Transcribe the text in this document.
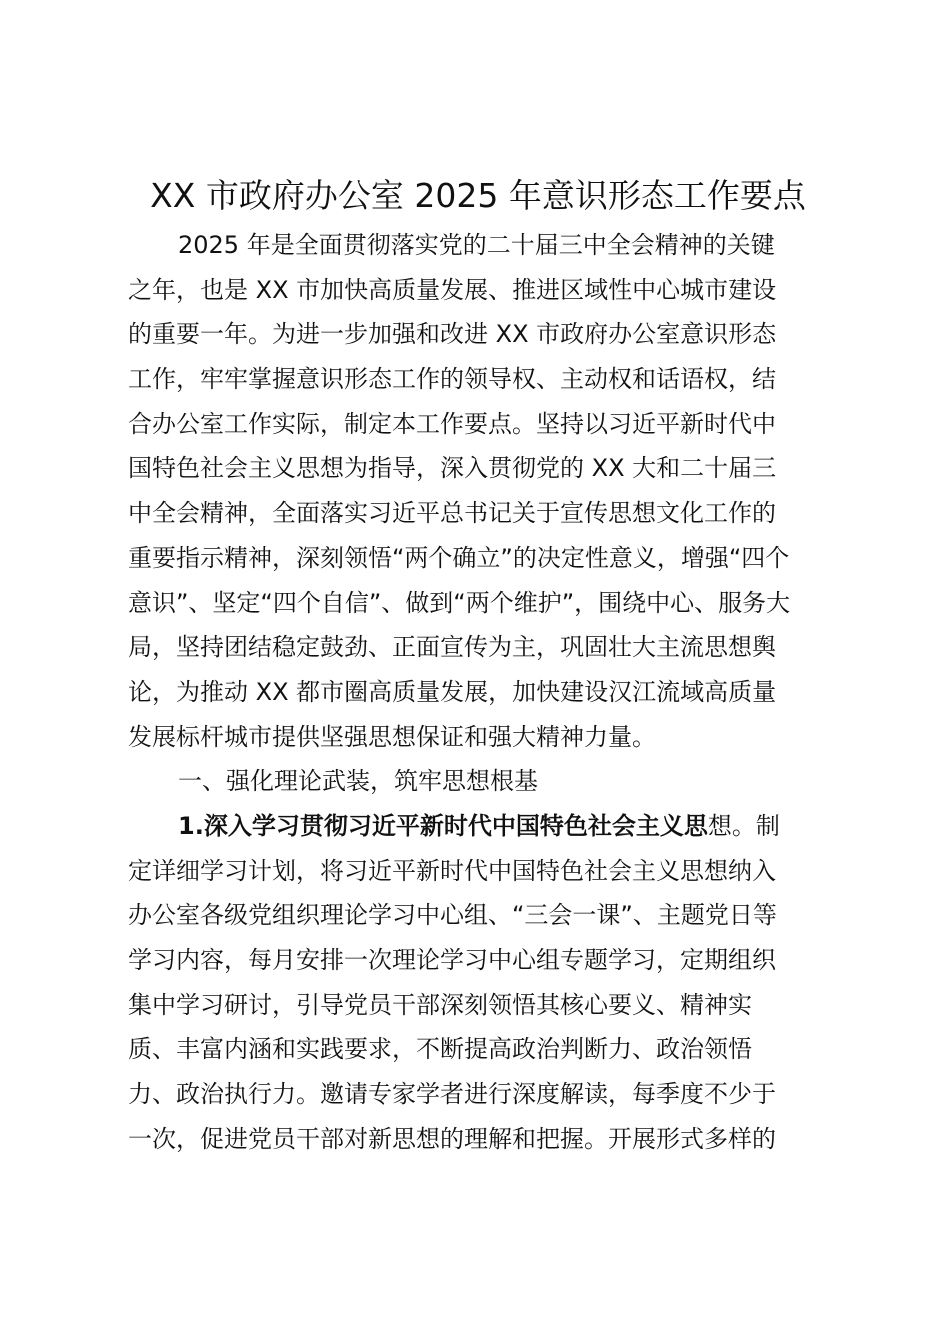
XX 市政府办公室 2025 年意识形态工作要点
2025 年是全面贯彻落实党的二十届三中全会精神的关键
之年，也是 XX 市加快高质量发展、推进区域性中心城市建设
的重要一年。为进一步加强和改进 XX 市政府办公室意识形态
工作，牢牢掌握意识形态工作的领导权、主动权和话语权，结
合办公室工作实际，制定本工作要点。坚持以习近平新时代中
国特色社会主义思想为指导，深入贯彻党的 XX 大和二十届三
中全会精神，全面落实习近平总书记关于宣传思想文化工作的
重要指示精神，深刻领悟“两个确立”的决定性意义，增强“四个
意识”、坚定“四个自信”、做到“两个维护”，围绕中心、服务大
局，坚持团结稳定鼓劲、正面宣传为主，巩固壮大主流思想舆
论，为推动 XX 都市圈高质量发展，加快建设汉江流域高质量
发展标杆城市提供坚强思想保证和强大精神力量。
一、强化理论武装，筑牢思想根基
1.深入学习贯彻习近平新时代中国特色社会主义思想。制
定详细学习计划，将习近平新时代中国特色社会主义思想纳入
办公室各级党组织理论学习中心组、“三会一课”、主题党日等
学习内容，每月安排一次理论学习中心组专题学习，定期组织
集中学习研讨，引导党员干部深刻领悟其核心要义、精神实
质、丰富内涵和实践要求，不断提高政治判断力、政治领悟
力、政治执行力。邀请专家学者进行深度解读，每季度不少于
一次，促进党员干部对新思想的理解和把握。开展形式多样的
